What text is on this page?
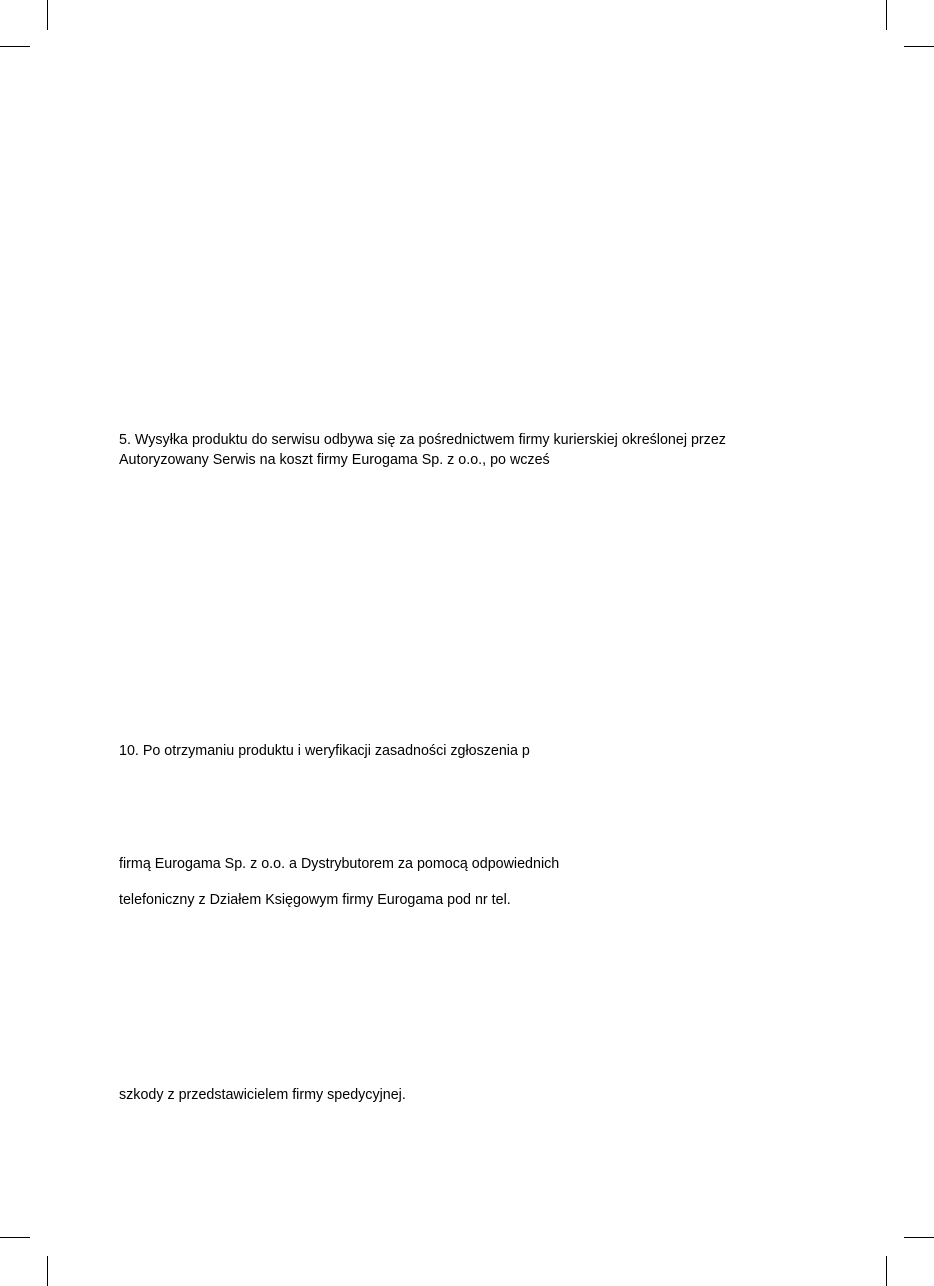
5. Wysyłka produktu do serwisu odbywa się za pośrednictwem firmy kurierskiej określonej przez

Autoryzowany Serwis na koszt firmy Eurogama Sp. z o.o., po wcześ

10. Po otrzymaniu produktu i weryfikacji zasadności zgłoszenia p

firmą Eurogama Sp. z o.o. a Dystrybutorem za pomocą odpowiednich

telefoniczny z Działem Księgowym firmy Eurogama pod nr tel.

szkody z przedstawicielem firmy spedycyjnej.
